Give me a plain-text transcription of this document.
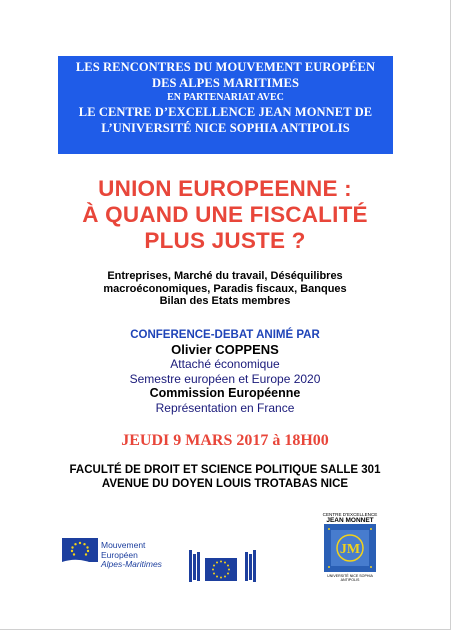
LES RENCONTRES DU MOUVEMENT EUROPÉEN
DES ALPES MARITIMES
EN PARTENARIAT AVEC
LE CENTRE D’EXCELLENCE JEAN MONNET DE
L’UNIVERSITÉ NICE SOPHIA ANTIPOLIS
UNION EUROPEENNE :
À QUAND UNE FISCALITÉ
PLUS JUSTE ?
Entreprises, Marché du travail, Déséquilibres
macroéconomiques, Paradis fiscaux, Banques
Bilan des Etats membres
CONFERENCE-DEBAT ANIMÉ PAR
Olivier COPPENS
Attaché économique
Semestre européen et Europe 2020
Commission Européenne
Représentation en France
JEUDI 9 MARS 2017 à 18H00
FACULTÉ DE DROIT ET SCIENCE POLITIQUE SALLE 301
AVENUE DU DOYEN LOUIS TROTABAS NICE
Mouvement
Européen
Alpes-Maritimes
CENTRE D'EXCELLENCE
JEAN MONNET
JM
UNIVERSITÉ NICE SOPHIA ANTIPOLIS
